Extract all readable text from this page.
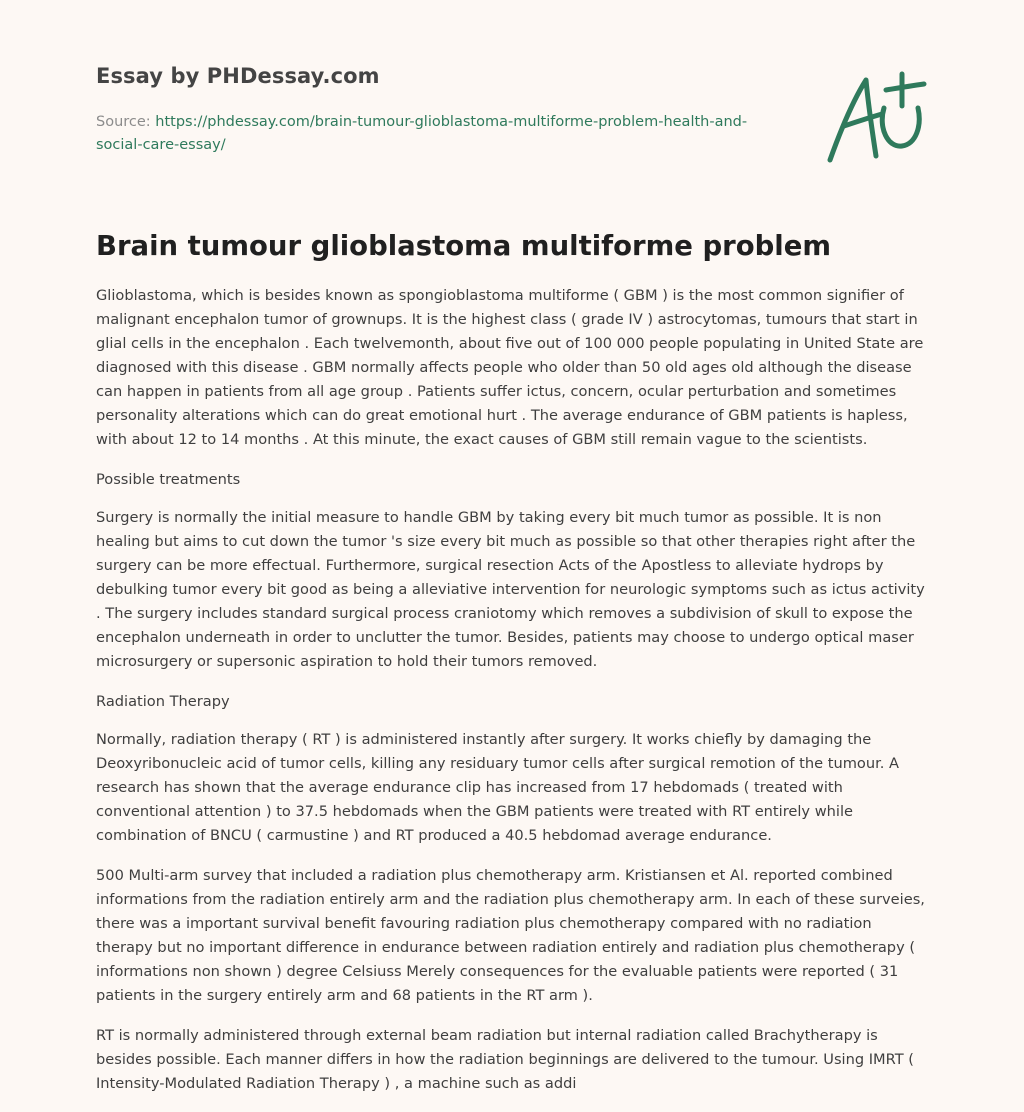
Essay by PHDessay.com

Source: https://phdessay.com/brain-tumour-glioblastoma-multiforme-problem-health-and-social-care-essay/

Brain tumour glioblastoma multiforme problem

Glioblastoma, which is besides known as spongioblastoma multiforme ( GBM ) is the most common signifier of malignant encephalon tumor of grownups. It is the highest class ( grade IV ) astrocytomas, tumours that start in glial cells in the encephalon . Each twelvemonth, about five out of 100 000 people populating in United State are diagnosed with this disease . GBM normally affects people who older than 50 old ages old although the disease can happen in patients from all age group . Patients suffer ictus, concern, ocular perturbation and sometimes personality alterations which can do great emotional hurt . The average endurance of GBM patients is hapless, with about 12 to 14 months . At this minute, the exact causes of GBM still remain vague to the scientists.

Possible treatments

Surgery is normally the initial measure to handle GBM by taking every bit much tumor as possible. It is non healing but aims to cut down the tumor 's size every bit much as possible so that other therapies right after the surgery can be more effectual. Furthermore, surgical resection Acts of the Apostless to alleviate hydrops by debulking tumor every bit good as being a alleviative intervention for neurologic symptoms such as ictus activity . The surgery includes standard surgical process craniotomy which removes a subdivision of skull to expose the encephalon underneath in order to unclutter the tumor. Besides, patients may choose to undergo optical maser microsurgery or supersonic aspiration to hold their tumors removed.

Radiation Therapy

Normally, radiation therapy ( RT ) is administered instantly after surgery. It works chiefly by damaging the Deoxyribonucleic acid of tumor cells, killing any residuary tumor cells after surgical remotion of the tumour. A research has shown that the average endurance clip has increased from 17 hebdomads ( treated with conventional attention ) to 37.5 hebdomads when the GBM patients were treated with RT entirely while combination of BNCU ( carmustine ) and RT produced a 40.5 hebdomad average endurance.

500 Multi-arm survey that included a radiation plus chemotherapy arm. Kristiansen et Al. reported combined informations from the radiation entirely arm and the radiation plus chemotherapy arm. In each of these surveies, there was a important survival benefit favouring radiation plus chemotherapy compared with no radiation therapy but no important difference in endurance between radiation entirely and radiation plus chemotherapy ( informations non shown ) degree Celsiuss Merely consequences for the evaluable patients were reported ( 31 patients in the surgery entirely arm and 68 patients in the RT arm ).

RT is normally administered through external beam radiation but internal radiation called Brachytherapy is besides possible. Each manner differs in how the radiation beginnings are delivered to the tumour. Using IMRT ( Intensity-Modulated Radiation Therapy ) , a machine such as addi
